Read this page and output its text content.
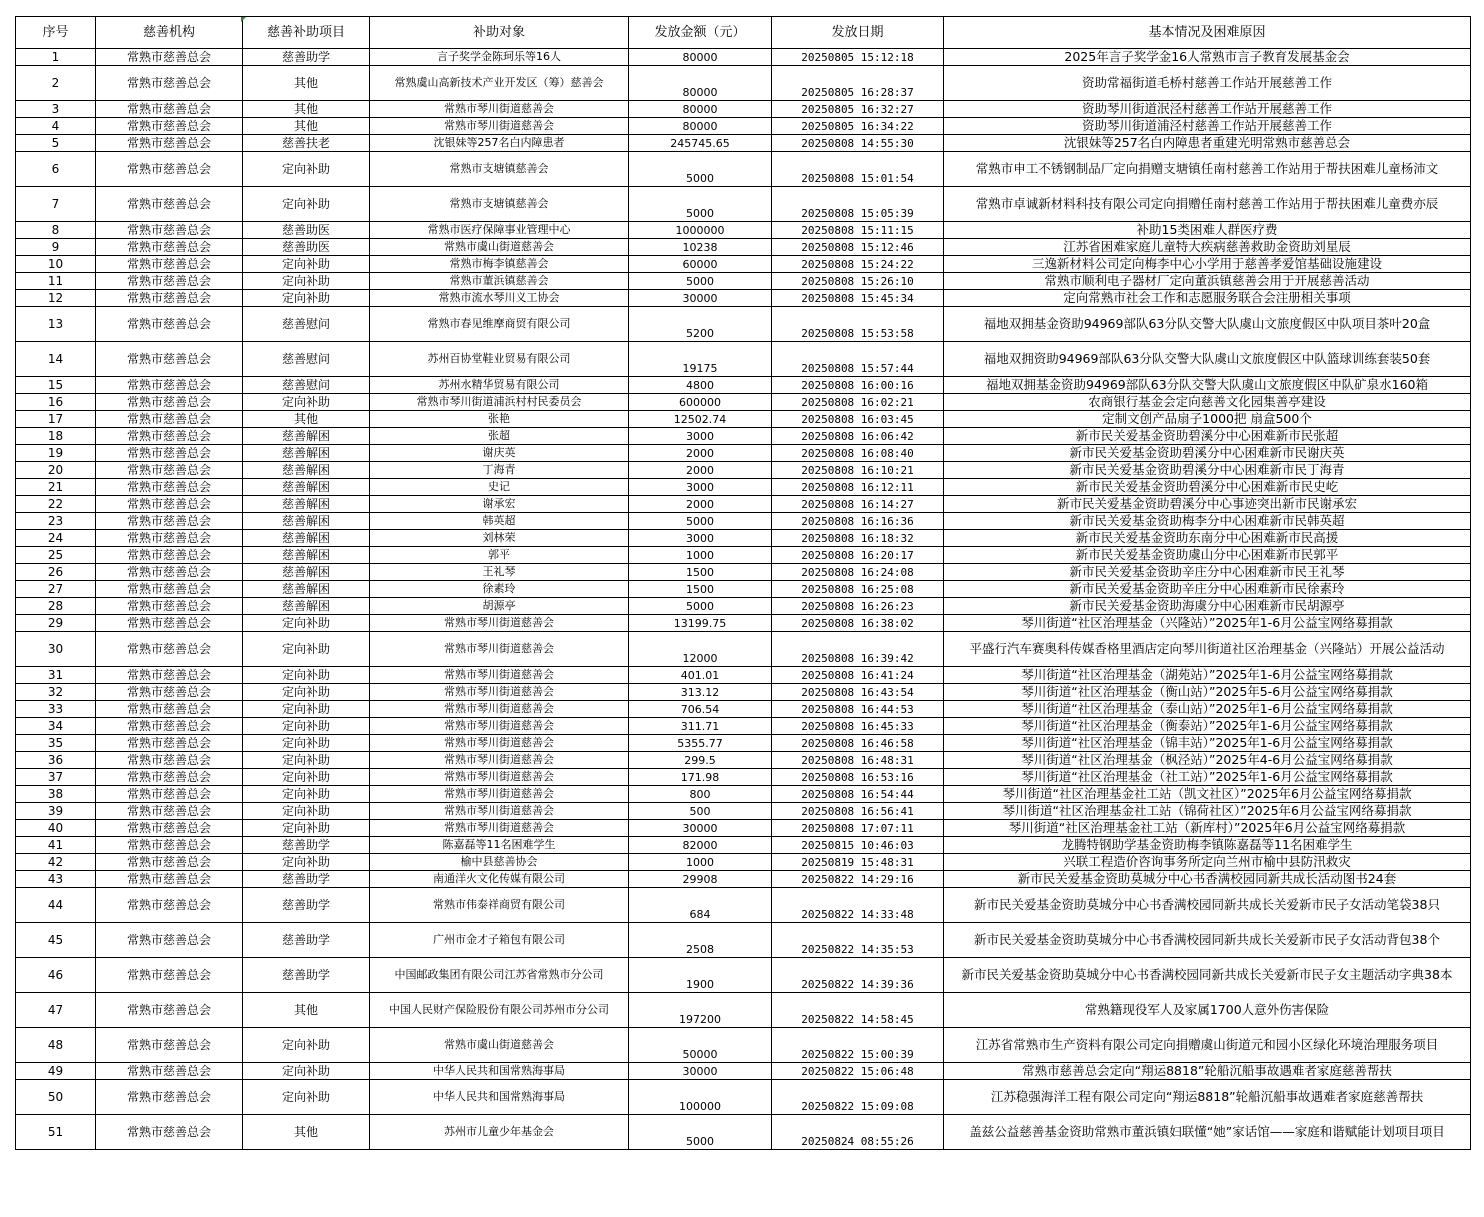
序号	慈善机构	慈善补助项目	补助对象	发放金额（元）	发放日期	基本情况及困难原因
1	常熟市慈善总会	慈善助学	言子奖学金陈珂乐等16人	80000	20250805 15:12:18	2025年言子奖学金16人常熟市言子教育发展基金会
2	常熟市慈善总会	其他	常熟虞山高新技术产业开发区（筹）慈善会	80000	20250805 16:28:37	资助常福街道毛桥村慈善工作站开展慈善工作
3	常熟市慈善总会	其他	常熟市琴川街道慈善会	80000	20250805 16:32:27	资助琴川街道泯泾村慈善工作站开展慈善工作
4	常熟市慈善总会	其他	常熟市琴川街道慈善会	80000	20250805 16:34:22	资助琴川街道浦泾村慈善工作站开展慈善工作
5	常熟市慈善总会	慈善扶老	沈银妹等257名白内障患者	245745.65	20250808 14:55:30	沈银妹等257名白内障患者重建光明常熟市慈善总会
6	常熟市慈善总会	定向补助	常熟市支塘镇慈善会	5000	20250808 15:01:54	常熟市申工不锈钢制品厂定向捐赠支塘镇任南村慈善工作站用于帮扶困难儿童杨沛文
7	常熟市慈善总会	定向补助	常熟市支塘镇慈善会	5000	20250808 15:05:39	常熟市卓诚新材料科技有限公司定向捐赠任南村慈善工作站用于帮扶困难儿童费亦辰
8	常熟市慈善总会	慈善助医	常熟市医疗保障事业管理中心	1000000	20250808 15:11:15	补助15类困难人群医疗费
9	常熟市慈善总会	慈善助医	常熟市虞山街道慈善会	10238	20250808 15:12:46	江苏省困难家庭儿童特大疾病慈善救助金资助刘星辰
10	常熟市慈善总会	定向补助	常熟市梅李镇慈善会	60000	20250808 15:24:22	三逸新材料公司定向梅李中心小学用于慈善孝爱馆基础设施建设
11	常熟市慈善总会	定向补助	常熟市董浜镇慈善会	5000	20250808 15:26:10	常熟市顺利电子器材厂定向董浜镇慈善会用于开展慈善活动
12	常熟市慈善总会	定向补助	常熟市流水琴川义工协会	30000	20250808 15:45:34	定向常熟市社会工作和志愿服务联合会注册相关事项
13	常熟市慈善总会	慈善慰问	常熟市春见维摩商贸有限公司	5200	20250808 15:53:58	福地双拥基金资助94969部队63分队交警大队虞山文旅度假区中队项目茶叶20盒
14	常熟市慈善总会	慈善慰问	苏州百协堂鞋业贸易有限公司	19175	20250808 15:57:44	福地双拥资助94969部队63分队交警大队虞山文旅度假区中队篮球训练套装50套
15	常熟市慈善总会	慈善慰问	苏州水精华贸易有限公司	4800	20250808 16:00:16	福地双拥基金资助94969部队63分队交警大队虞山文旅度假区中队矿泉水160箱
16	常熟市慈善总会	定向补助	常熟市琴川街道浦浜村村民委员会	600000	20250808 16:02:21	农商银行基金会定向慈善文化园集善亭建设
17	常熟市慈善总会	其他	张艳	12502.74	20250808 16:03:45	定制文创产品扇子1000把 扇盒500个
18	常熟市慈善总会	慈善解困	张超	3000	20250808 16:06:42	新市民关爱基金资助碧溪分中心困难新市民张超
19	常熟市慈善总会	慈善解困	谢庆英	2000	20250808 16:08:40	新市民关爱基金资助碧溪分中心困难新市民谢庆英
20	常熟市慈善总会	慈善解困	丁海青	2000	20250808 16:10:21	新市民关爱基金资助碧溪分中心困难新市民丁海青
21	常熟市慈善总会	慈善解困	史记	3000	20250808 16:12:11	新市民关爱基金资助碧溪分中心困难新市民史屹
22	常熟市慈善总会	慈善解困	谢承宏	2000	20250808 16:14:27	新市民关爱基金资助碧溪分中心事迹突出新市民谢承宏
23	常熟市慈善总会	慈善解困	韩英超	5000	20250808 16:16:36	新市民关爱基金资助梅李分中心困难新市民韩英超
24	常熟市慈善总会	慈善解困	刘林荣	3000	20250808 16:18:32	新市民关爱基金资助东南分中心困难新市民高援
25	常熟市慈善总会	慈善解困	郭平	1000	20250808 16:20:17	新市民关爱基金资助虞山分中心困难新市民郭平
26	常熟市慈善总会	慈善解困	王礼琴	1500	20250808 16:24:08	新市民关爱基金资助辛庄分中心困难新市民王礼琴
27	常熟市慈善总会	慈善解困	徐素玲	1500	20250808 16:25:08	新市民关爱基金资助辛庄分中心困难新市民徐素玲
28	常熟市慈善总会	慈善解困	胡源亭	5000	20250808 16:26:23	新市民关爱基金资助海虞分中心困难新市民胡源亭
29	常熟市慈善总会	定向补助	常熟市琴川街道慈善会	13199.75	20250808 16:38:02	琴川街道“社区治理基金（兴隆站）”2025年1-6月公益宝网络募捐款
30	常熟市慈善总会	定向补助	常熟市琴川街道慈善会	12000	20250808 16:39:42	平盛行汽车赛奥科传媒香格里酒店定向琴川街道社区治理基金（兴隆站）开展公益活动
31	常熟市慈善总会	定向补助	常熟市琴川街道慈善会	401.01	20250808 16:41:24	琴川街道“社区治理基金（湖苑站）”2025年1-6月公益宝网络募捐款
32	常熟市慈善总会	定向补助	常熟市琴川街道慈善会	313.12	20250808 16:43:54	琴川街道“社区治理基金（衡山站）”2025年5-6月公益宝网络募捐款
33	常熟市慈善总会	定向补助	常熟市琴川街道慈善会	706.54	20250808 16:44:53	琴川街道“社区治理基金（泰山站）”2025年1-6月公益宝网络募捐款
34	常熟市慈善总会	定向补助	常熟市琴川街道慈善会	311.71	20250808 16:45:33	琴川街道“社区治理基金（衡泰站）”2025年1-6月公益宝网络募捐款
35	常熟市慈善总会	定向补助	常熟市琴川街道慈善会	5355.77	20250808 16:46:58	琴川街道“社区治理基金（锦丰站）”2025年1-6月公益宝网络募捐款
36	常熟市慈善总会	定向补助	常熟市琴川街道慈善会	299.5	20250808 16:48:31	琴川街道“社区治理基金（枫泾站）”2025年4-6月公益宝网络募捐款
37	常熟市慈善总会	定向补助	常熟市琴川街道慈善会	171.98	20250808 16:53:16	琴川街道“社区治理基金（社工站）”2025年1-6月公益宝网络募捐款
38	常熟市慈善总会	定向补助	常熟市琴川街道慈善会	800	20250808 16:54:44	琴川街道“社区治理基金社工站（凯文社区）”2025年6月公益宝网络募捐款
39	常熟市慈善总会	定向补助	常熟市琴川街道慈善会	500	20250808 16:56:41	琴川街道“社区治理基金社工站（锦荷社区）”2025年6月公益宝网络募捐款
40	常熟市慈善总会	定向补助	常熟市琴川街道慈善会	30000	20250808 17:07:11	琴川街道“社区治理基金社工站（新库村）”2025年6月公益宝网络募捐款
41	常熟市慈善总会	慈善助学	陈嘉磊等11名困难学生	82000	20250815 10:46:03	龙腾特钢助学基金资助梅李镇陈嘉磊等11名困难学生
42	常熟市慈善总会	定向补助	榆中县慈善协会	1000	20250819 15:48:31	兴联工程造价咨询事务所定向兰州市榆中县防汛救灾
43	常熟市慈善总会	慈善助学	南通洋火文化传媒有限公司	29908	20250822 14:29:16	新市民关爱基金资助莫城分中心书香满校园同新共成长活动图书24套
44	常熟市慈善总会	慈善助学	常熟市伟泰祥商贸有限公司	684	20250822 14:33:48	新市民关爱基金资助莫城分中心书香满校园同新共成长关爱新市民子女活动笔袋38只
45	常熟市慈善总会	慈善助学	广州市金才子箱包有限公司	2508	20250822 14:35:53	新市民关爱基金资助莫城分中心书香满校园同新共成长关爱新市民子女活动背包38个
46	常熟市慈善总会	慈善助学	中国邮政集团有限公司江苏省常熟市分公司	1900	20250822 14:39:36	新市民关爱基金资助莫城分中心书香满校园同新共成长关爱新市民子女主题活动字典38本
47	常熟市慈善总会	其他	中国人民财产保险股份有限公司苏州市分公司	197200	20250822 14:58:45	常熟籍现役军人及家属1700人意外伤害保险
48	常熟市慈善总会	定向补助	常熟市虞山街道慈善会	50000	20250822 15:00:39	江苏省常熟市生产资料有限公司定向捐赠虞山街道元和园小区绿化环境治理服务项目
49	常熟市慈善总会	定向补助	中华人民共和国常熟海事局	30000	20250822 15:06:48	常熟市慈善总会定向“翔运8818”轮船沉船事故遇难者家庭慈善帮扶
50	常熟市慈善总会	定向补助	中华人民共和国常熟海事局	100000	20250822 15:09:08	江苏稳强海洋工程有限公司定向“翔运8818”轮船沉船事故遇难者家庭慈善帮扶
51	常熟市慈善总会	其他	苏州市儿童少年基金会	5000	20250824 08:55:26	盖兹公益慈善基金资助常熟市董浜镇妇联懂“她”家话馆——家庭和谐赋能计划项目项目
